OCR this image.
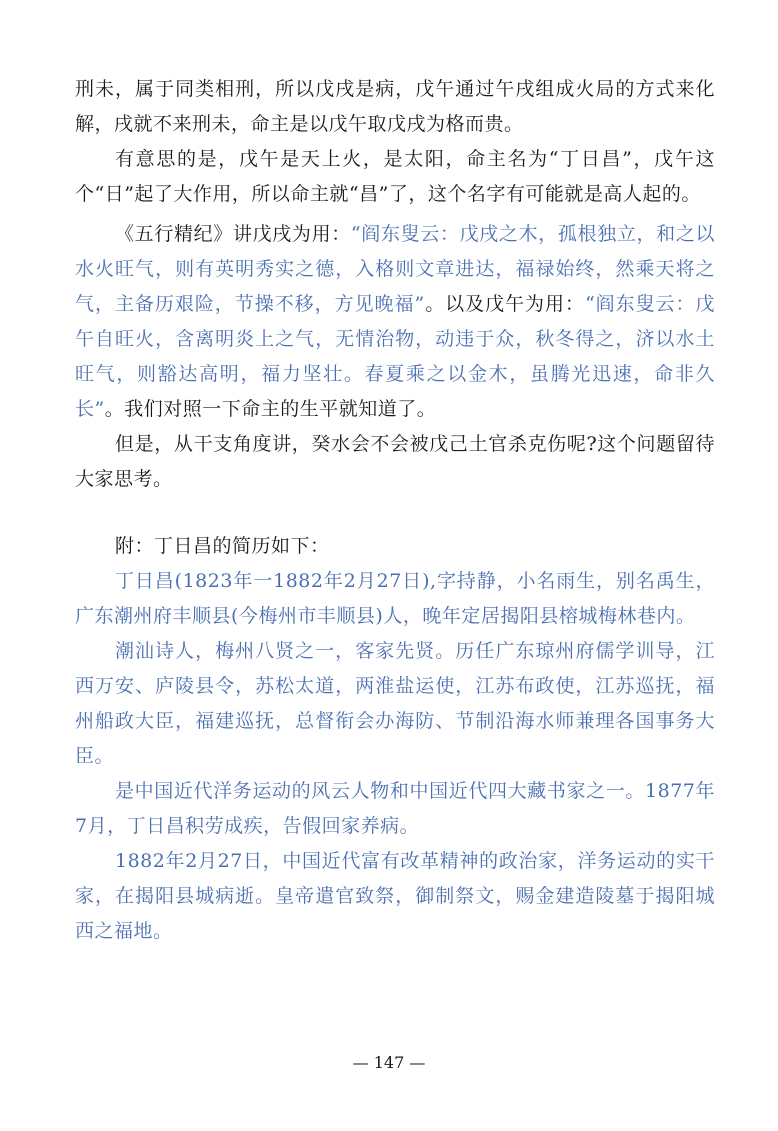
刑未，属于同类相刑，所以戊戌是病，戊午通过午戌组成火局的方式来化解，戌就不来刑未，命主是以戊午取戊戌为格而贵。

有意思的是，戊午是天上火，是太阳，命主名为“丁日昌”，戊午这个“日”起了大作用，所以命主就“昌”了，这个名字有可能就是高人起的。

《五行精纪》讲戊戌为用：“阎东叟云：戊戌之木，孤根独立，和之以水火旺气，则有英明秀实之德，入格则文章进达，福禄始终，然乘天将之气，主备历艰险，节操不移，方见晚福”。以及戊午为用：“阎东叟云：戊午自旺火，含离明炎上之气，无情治物，动违于众，秋冬得之，济以水土旺气，则豁达高明，福力坚壮。春夏乘之以金木，虽腾光迅速，命非久长”。我们对照一下命主的生平就知道了。

但是，从干支角度讲，癸水会不会被戊己土官杀克伤呢?这个问题留待大家思考。

附：丁日昌的简历如下：

丁日昌(1823年一1882年2月27日),字持静，小名雨生，别名禹生，广东潮州府丰顺县(今梅州市丰顺县)人，晚年定居揭阳县榕城梅林巷内。

潮汕诗人，梅州八贤之一，客家先贤。历任广东琼州府儒学训导，江西万安、庐陵县令，苏松太道，两淮盐运使，江苏布政使，江苏巡抚，福州船政大臣，福建巡抚，总督衔会办海防、节制沿海水师兼理各国事务大臣。

是中国近代洋务运动的风云人物和中国近代四大藏书家之一。1877年7月，丁日昌积劳成疾，告假回家养病。

1882年2月27日，中国近代富有改革精神的政治家，洋务运动的实干家，在揭阳县城病逝。皇帝遣官致祭，御制祭文，赐金建造陵墓于揭阳城西之福地。

— 147 —
